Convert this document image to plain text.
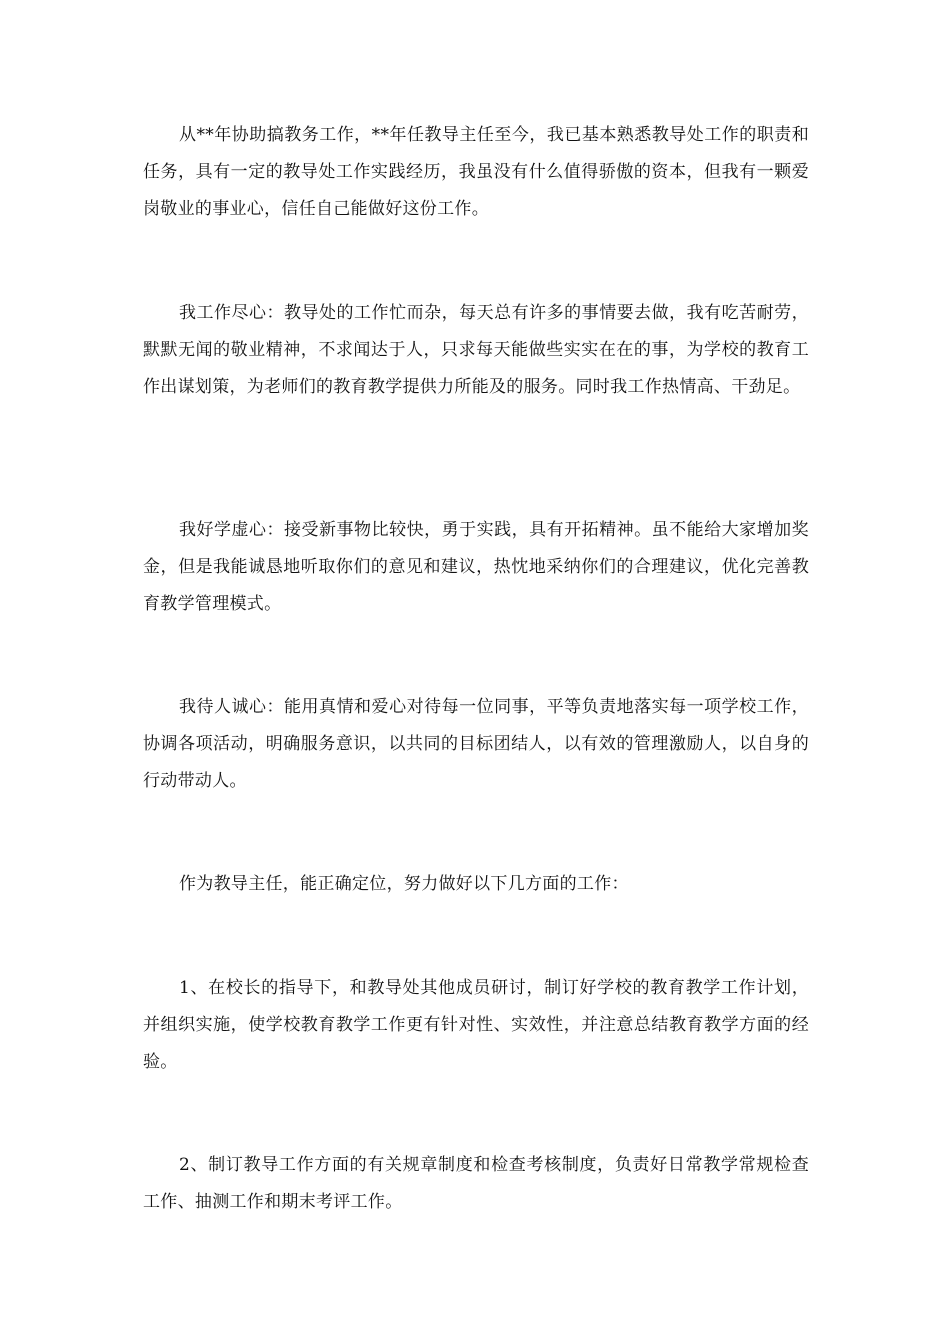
从**年协助搞教务工作，**年任教导主任至今，我已基本熟悉教导处工作的职责和任务，具有一定的教导处工作实践经历，我虽没有什么值得骄傲的资本，但我有一颗爱岗敬业的事业心，信任自己能做好这份工作。

我工作尽心：教导处的工作忙而杂，每天总有许多的事情要去做，我有吃苦耐劳，默默无闻的敬业精神，不求闻达于人，只求每天能做些实实在在的事，为学校的教育工作出谋划策，为老师们的教育教学提供力所能及的服务。同时我工作热情高、干劲足。

我好学虚心：接受新事物比较快，勇于实践，具有开拓精神。虽不能给大家增加奖金，但是我能诚恳地听取你们的意见和建议，热忱地采纳你们的合理建议，优化完善教育教学管理模式。

我待人诚心：能用真情和爱心对待每一位同事，平等负责地落实每一项学校工作，协调各项活动，明确服务意识，以共同的目标团结人，以有效的管理激励人，以自身的行动带动人。

作为教导主任，能正确定位，努力做好以下几方面的工作：

1、在校长的指导下，和教导处其他成员研讨，制订好学校的教育教学工作计划，并组织实施，使学校教育教学工作更有针对性、实效性，并注意总结教育教学方面的经验。

2、制订教导工作方面的有关规章制度和检查考核制度，负责好日常教学常规检查工作、抽测工作和期末考评工作。
